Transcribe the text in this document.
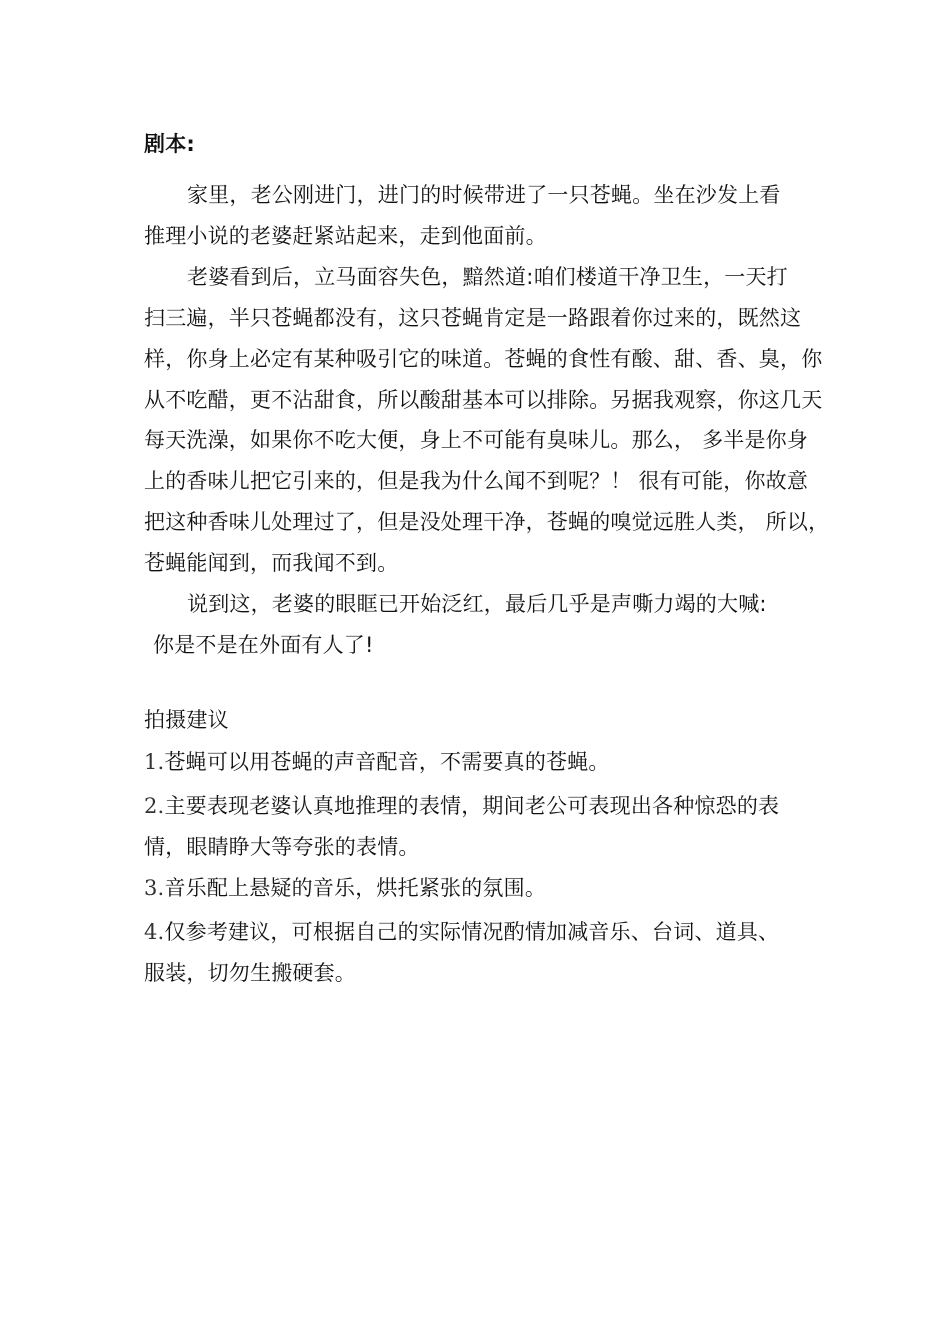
剧本:
家里，老公刚进门，进门的时候带进了一只苍蝇。坐在沙发上看
推理小说的老婆赶紧站起来，走到他面前。
老婆看到后，立马面容失色，黯然道:咱们楼道干净卫生，一天打
扫三遍，半只苍蝇都没有，这只苍蝇肯定是一路跟着你过来的，既然这
样，你身上必定有某种吸引它的味道。苍蝇的食性有酸、甜、香、臭，你
从不吃醋，更不沾甜食，所以酸甜基本可以排除。另据我观察，你这几天
每天洗澡，如果你不吃大便，身上不可能有臭味儿。那么， 多半是你身
上的香味儿把它引来的，但是我为什么闻不到呢？！ 很有可能，你故意
把这种香味儿处理过了，但是没处理干净，苍蝇的嗅觉远胜人类， 所以，
苍蝇能闻到，而我闻不到。
说到这，老婆的眼眶已开始泛红，最后几乎是声嘶力竭的大喊:
你是不是在外面有人了!
拍摄建议
1.苍蝇可以用苍蝇的声音配音，不需要真的苍蝇。
2.主要表现老婆认真地推理的表情，期间老公可表现出各种惊恐的表
情，眼睛睁大等夸张的表情。
3.音乐配上悬疑的音乐，烘托紧张的氛围。
4.仅参考建议，可根据自己的实际情况酌情加减音乐、台词、道具、
服装，切勿生搬硬套。
